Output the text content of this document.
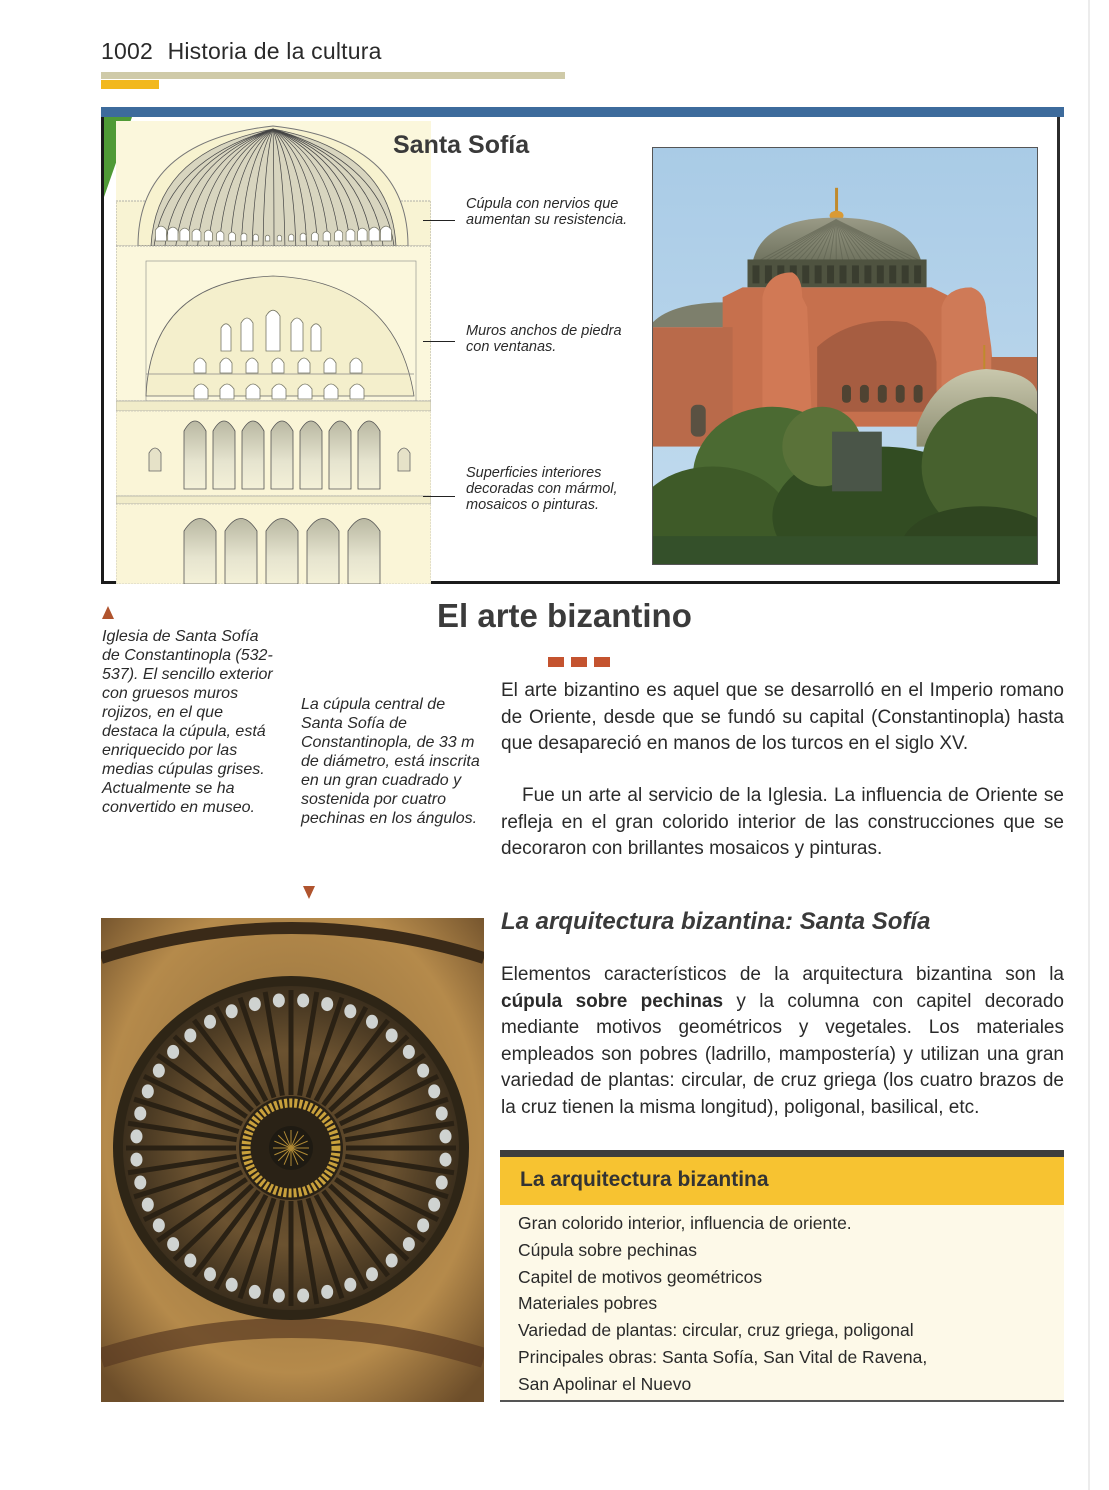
1002 Historia de la cultura
Santa Sofía
Cúpula con nervios que aumentan su resistencia.
Muros anchos de piedra con ventanas.
Superficies interiores decoradas con mármol, mosaicos o pinturas.
Iglesia de Santa Sofía de Constantinopla (532-537). El sencillo exterior con gruesos muros rojizos, en el que destaca la cúpula, está enriquecido por las medias cúpulas grises. Actualmente se ha convertido en museo.
La cúpula central de Santa Sofía de Constantinopla, de 33 m de diámetro, está inscrita en un gran cuadrado y sostenida por cuatro pechinas en los ángulos.
El arte bizantino
El arte bizantino es aquel que se desarrolló en el Imperio romano de Oriente, desde que se fundó su capital (Constantinopla) hasta que desapareció en manos de los turcos en el siglo XV.
Fue un arte al servicio de la Iglesia. La influencia de Oriente se refleja en el gran colorido interior de las construcciones que se decoraron con brillantes mosaicos y pinturas.
La arquitectura bizantina: Santa Sofía
Elementos característicos de la arquitectura bizantina son la cúpula sobre pechinas y la columna con capitel decorado mediante motivos geométricos y vegetales. Los materiales empleados son pobres (ladrillo, mampostería) y utilizan una gran variedad de plantas: circular, de cruz griega (los cuatro brazos de la cruz tienen la misma longitud), poligonal, basilical, etc.
La arquitectura bizantina
Gran colorido interior, influencia de oriente.
Cúpula sobre pechinas
Capitel de motivos geométricos
Materiales pobres
Variedad de plantas: circular, cruz griega, poligonal
Principales obras: Santa Sofía, San Vital de Ravena,
San Apolinar el Nuevo
